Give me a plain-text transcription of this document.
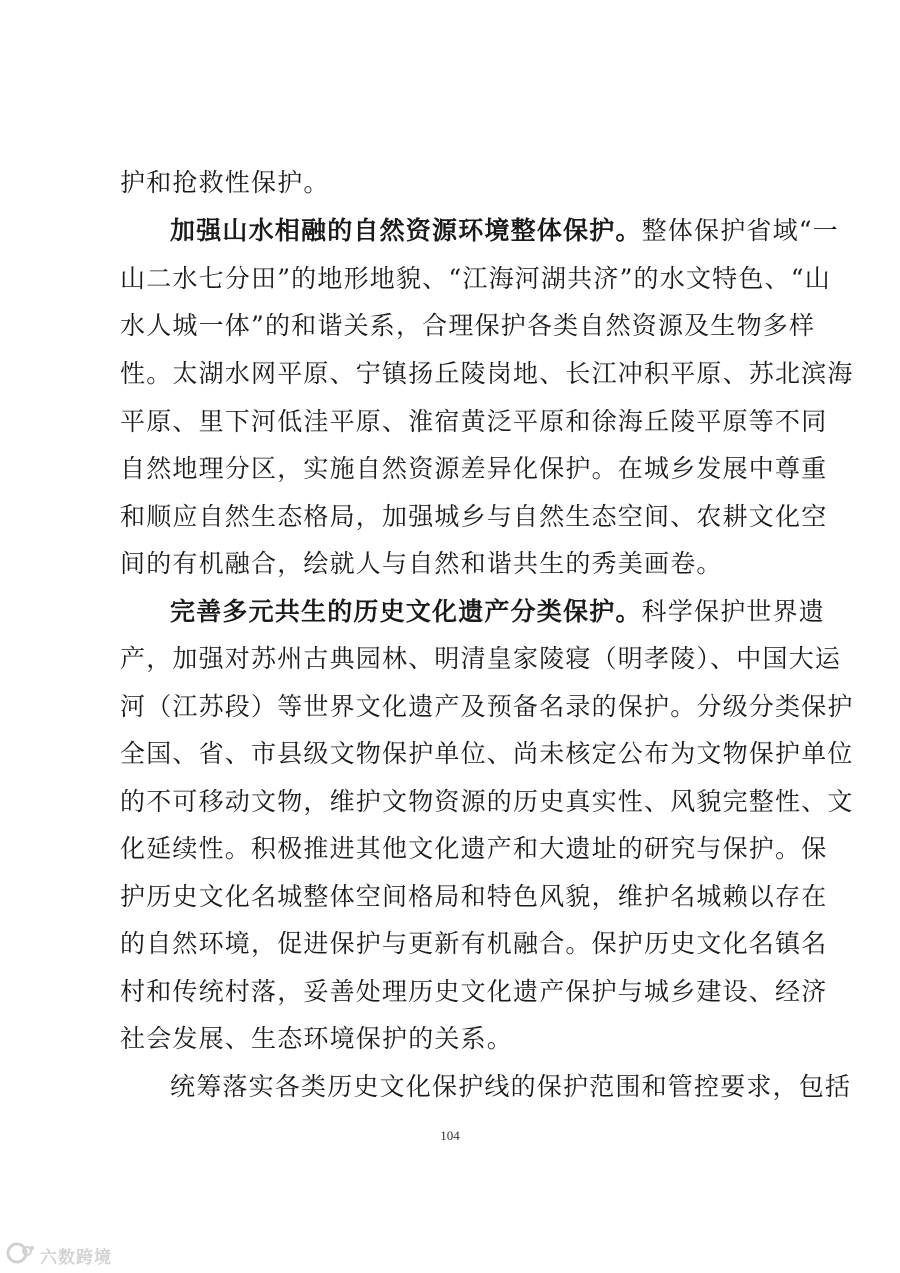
护和抢救性保护。
加强山水相融的自然资源环境整体保护。整体保护省域“一
山二水七分田”的地形地貌、“江海河湖共济”的水文特色、“山
水人城一体”的和谐关系，合理保护各类自然资源及生物多样
性。太湖水网平原、宁镇扬丘陵岗地、长江冲积平原、苏北滨海
平原、里下河低洼平原、淮宿黄泛平原和徐海丘陵平原等不同
自然地理分区，实施自然资源差异化保护。在城乡发展中尊重
和顺应自然生态格局，加强城乡与自然生态空间、农耕文化空
间的有机融合，绘就人与自然和谐共生的秀美画卷。
完善多元共生的历史文化遗产分类保护。科学保护世界遗
产，加强对苏州古典园林、明清皇家陵寝（明孝陵）、中国大运
河（江苏段）等世界文化遗产及预备名录的保护。分级分类保护
全国、省、市县级文物保护单位、尚未核定公布为文物保护单位
的不可移动文物，维护文物资源的历史真实性、风貌完整性、文
化延续性。积极推进其他文化遗产和大遗址的研究与保护。保
护历史文化名城整体空间格局和特色风貌，维护名城赖以存在
的自然环境，促进保护与更新有机融合。保护历史文化名镇名
村和传统村落，妥善处理历史文化遗产保护与城乡建设、经济
社会发展、生态环境保护的关系。
统筹落实各类历史文化保护线的保护范围和管控要求，包括
104
六数跨境
